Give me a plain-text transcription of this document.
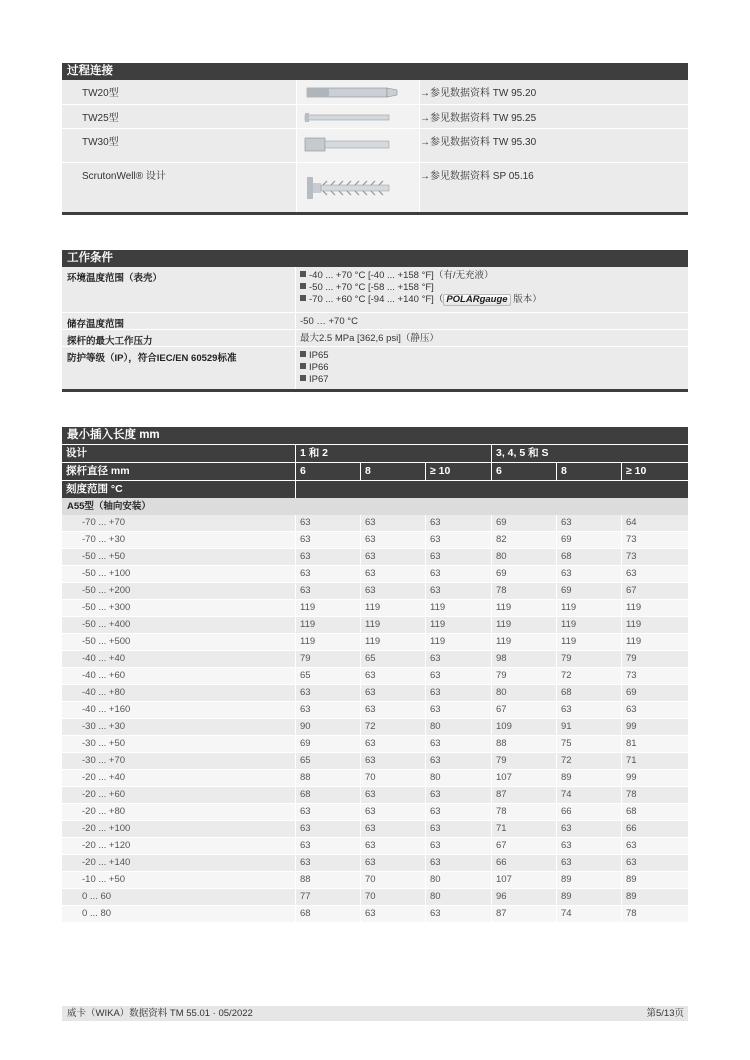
过程连接
TW20型	→参见数据资料 TW 95.20
TW25型	→参见数据资料 TW 95.25
TW30型	→参见数据资料 TW 95.30
ScrutonWell® 设计	→参见数据资料 SP 05.16
工作条件
环境温度范围（表壳）	-40 ... +70 °C [-40 ... +158 °F]（有/无充液）
-50 ... +70 °C [-58 ... +158 °F]
-70 ... +60 °C [-94 ... +140 °F]（ POLARgauge 版本）
储存温度范围	-50 … +70 °C
探杆的最大工作压力	最大2.5 MPa [362,6 psi]（静压）
防护等级（IP），符合IEC/EN 60529标准	IP65
IP66
IP67
最小插入长度 mm
设计	1 和 2	3, 4, 5 和 S
探杆直径 mm	6	8	≥ 10	6	8	≥ 10
刻度范围 °C
A55型（轴向安装）
-70 ... +70	63	63	63	69	63	64
-70 ... +30	63	63	63	82	69	73
-50 ... +50	63	63	63	80	68	73
-50 ... +100	63	63	63	69	63	63
-50 ... +200	63	63	63	78	69	67
-50 ... +300	119	119	119	119	119	119
-50 ... +400	119	119	119	119	119	119
-50 ... +500	119	119	119	119	119	119
-40 ... +40	79	65	63	98	79	79
-40 ... +60	65	63	63	79	72	73
-40 ... +80	63	63	63	80	68	69
-40 ... +160	63	63	63	67	63	63
-30 ... +30	90	72	80	109	91	99
-30 ... +50	69	63	63	88	75	81
-30 ... +70	65	63	63	79	72	71
-20 ... +40	88	70	80	107	89	99
-20 ... +60	68	63	63	87	74	78
-20 ... +80	63	63	63	78	66	68
-20 ... +100	63	63	63	71	63	66
-20 ... +120	63	63	63	67	63	63
-20 ... +140	63	63	63	66	63	63
-10 ... +50	88	70	80	107	89	89
0 ... 60	77	70	80	96	89	89
0 ... 80	68	63	63	87	74	78
威卡（WIKA）数据资料 TM 55.01 · 05/2022	第5/13页
